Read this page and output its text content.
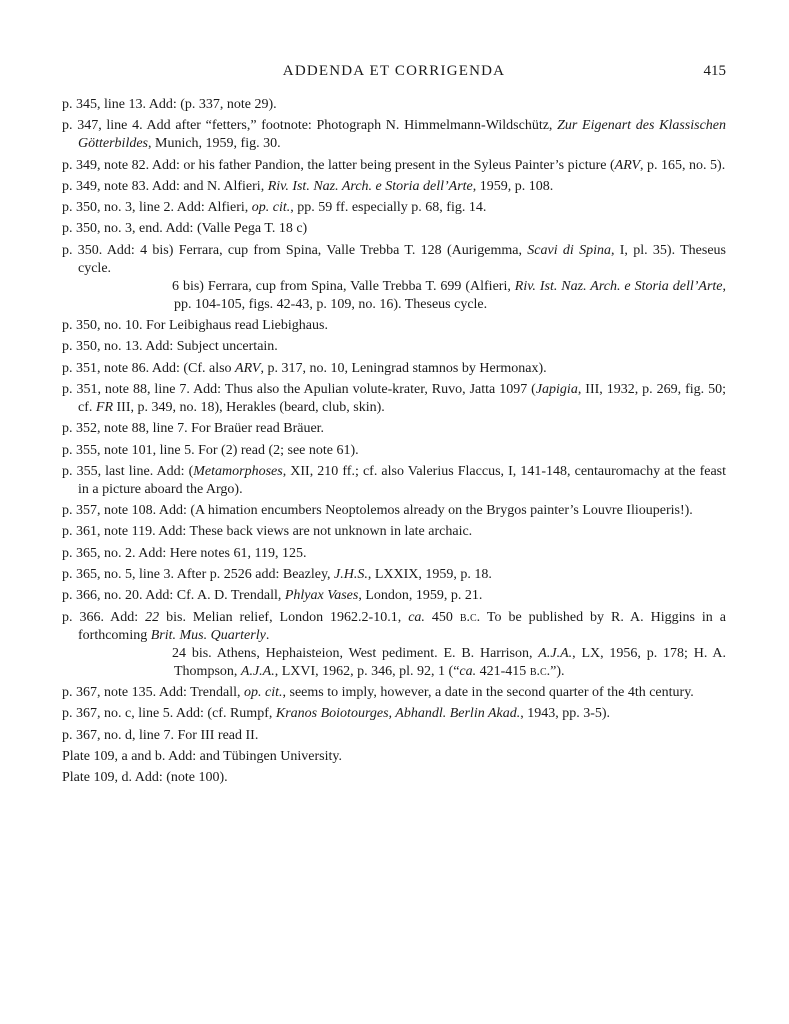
ADDENDA ET CORRIGENDA	415

p. 345, line 13. Add: (p. 337, note 29).

p. 347, line 4. Add after “fetters,” footnote: Photograph N. Himmelmann-Wildschütz, Zur Eigenart des Klassischen Götterbildes, Munich, 1959, fig. 30.

p. 349, note 82. Add: or his father Pandion, the latter being present in the Syleus Painter’s picture (ARV, p. 165, no. 5).

p. 349, note 83. Add: and N. Alfieri, Riv. Ist. Naz. Arch. e Storia dell’Arte, 1959, p. 108.

p. 350, no. 3, line 2. Add: Alfieri, op. cit., pp. 59 ff. especially p. 68, fig. 14.

p. 350, no. 3, end. Add: (Valle Pega T. 18 c)

p. 350. Add: 4 bis) Ferrara, cup from Spina, Valle Trebba T. 128 (Aurigemma, Scavi di Spina, I, pl. 35). Theseus cycle.
6 bis) Ferrara, cup from Spina, Valle Trebba T. 699 (Alfieri, Riv. Ist. Naz. Arch. e Storia dell’Arte, pp. 104-105, figs. 42-43, p. 109, no. 16). Theseus cycle.

p. 350, no. 10. For Leibighaus read Liebighaus.

p. 350, no. 13. Add: Subject uncertain.

p. 351, note 86. Add: (Cf. also ARV, p. 317, no. 10, Leningrad stamnos by Hermonax).

p. 351, note 88, line 7. Add: Thus also the Apulian volute-krater, Ruvo, Jatta 1097 (Japigia, III, 1932, p. 269, fig. 50; cf. FR III, p. 349, no. 18), Herakles (beard, club, skin).

p. 352, note 88, line 7. For Braüer read Bräuer.

p. 355, note 101, line 5. For (2) read (2; see note 61).

p. 355, last line. Add: (Metamorphoses, XII, 210 ff.; cf. also Valerius Flaccus, I, 141-148, centauromachy at the feast in a picture aboard the Argo).

p. 357, note 108. Add: (A himation encumbers Neoptolemos already on the Brygos painter’s Louvre Iliouperis!).

p. 361, note 119. Add: These back views are not unknown in late archaic.

p. 365, no. 2. Add: Here notes 61, 119, 125.

p. 365, no. 5, line 3. After p. 2526 add: Beazley, J.H.S., LXXIX, 1959, p. 18.

p. 366, no. 20. Add: Cf. A. D. Trendall, Phlyax Vases, London, 1959, p. 21.

p. 366. Add: 22 bis. Melian relief, London 1962.2-10.1, ca. 450 b.c. To be published by R. A. Higgins in a forthcoming Brit. Mus. Quarterly.
24 bis. Athens, Hephaisteion, West pediment. E. B. Harrison, A.J.A., LX, 1956, p. 178; H. A. Thompson, A.J.A., LXVI, 1962, p. 346, pl. 92, 1 (“ca. 421-415 b.c.”).

p. 367, note 135. Add: Trendall, op. cit., seems to imply, however, a date in the second quarter of the 4th century.

p. 367, no. c, line 5. Add: (cf. Rumpf, Kranos Boiotourges, Abhandl. Berlin Akad., 1943, pp. 3-5).

p. 367, no. d, line 7. For III read II.

Plate 109, a and b. Add: and Tübingen University.

Plate 109, d. Add: (note 100).
